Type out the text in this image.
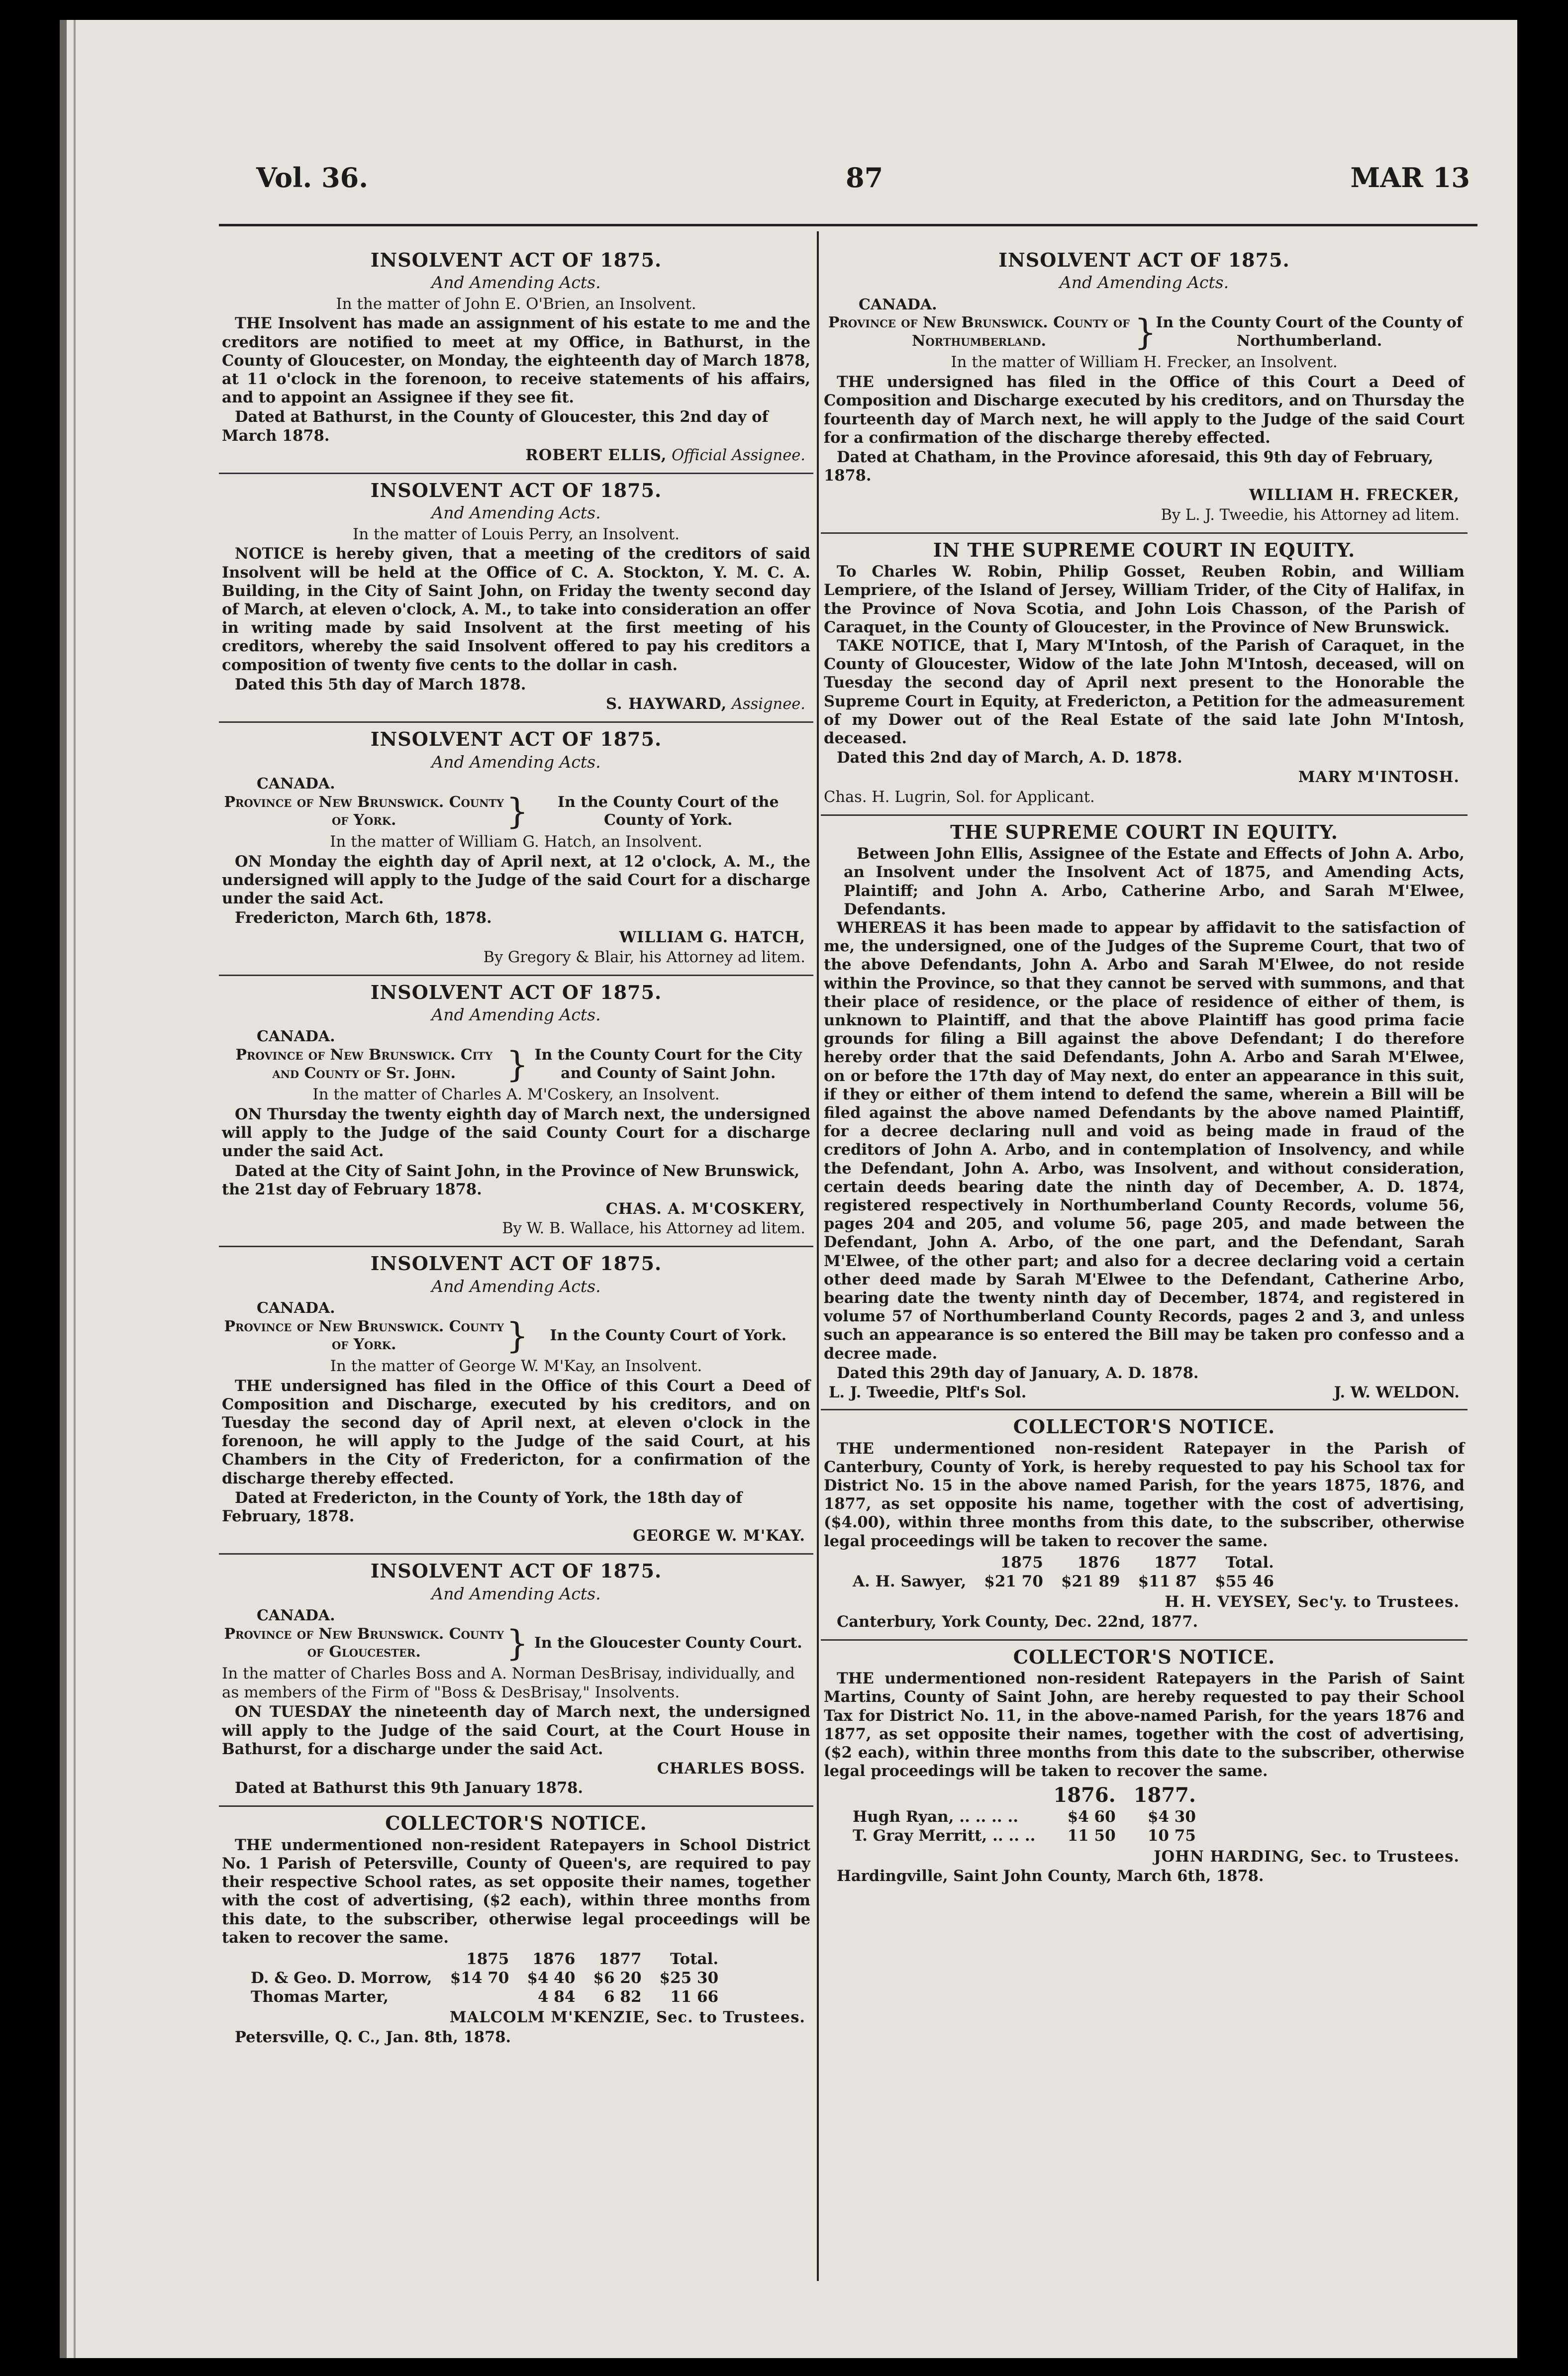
Vol. 36.	87	MAR 13
INSOLVENT ACT OF 1875.
And Amending Acts.
In the matter of John E. O'Brien, an Insolvent.

THE Insolvent has made an assignment of his estate to me and the creditors are notified to meet at my Office, in Bathurst, in the County of Gloucester, on Monday, the eighteenth day of March 1878, at 11 o'clock in the forenoon, to receive statements of his affairs, and to appoint an Assignee if they see fit.

Dated at Bathurst, in the County of Gloucester, this 2nd day of March 1878.

ROBERT ELLIS, Official Assignee.
INSOLVENT ACT OF 1875.
And Amending Acts.
In the matter of Louis Perry, an Insolvent.

NOTICE is hereby given, that a meeting of the creditors of said Insolvent will be held at the Office of C. A. Stockton, Y. M. C. A. Building, in the City of Saint John, on Friday the twenty second day of March, at eleven o'clock, A. M., to take into consideration an offer in writing made by said Insolvent at the first meeting of his creditors, whereby the said Insolvent offered to pay his creditors a composition of twenty five cents to the dollar in cash.

Dated this 5th day of March 1878.

S. HAYWARD, Assignee.
INSOLVENT ACT OF 1875.
And Amending Acts.
CANADA.
Province of New Brunswick. County of York.	}	In the County Court of the County of York.
In the matter of William G. Hatch, an Insolvent.

ON Monday the eighth day of April next, at 12 o'clock, A. M., the undersigned will apply to the Judge of the said Court for a discharge under the said Act.

Fredericton, March 6th, 1878.

WILLIAM G. HATCH,
By Gregory & Blair, his Attorney ad litem.
INSOLVENT ACT OF 1875.
And Amending Acts.
CANADA.
Province of New Brunswick. City and County of St. John.	} In the County Court for the City and County of Saint John.
In the matter of Charles A. M'Coskery, an Insolvent.

ON Thursday the twenty eighth day of March next, the undersigned will apply to the Judge of the said County Court for a discharge under the said Act.

Dated at the City of Saint John, in the Province of New Brunswick, the 21st day of February 1878.

CHAS. A. M'COSKERY,
By W. B. Wallace, his Attorney ad litem.
INSOLVENT ACT OF 1875.
And Amending Acts.
CANADA.
Province of New Brunswick. County of York.	}	In the County Court of York.
In the matter of George W. M'Kay, an Insolvent.

THE undersigned has filed in the Office of this Court a Deed of Composition and Discharge, executed by his creditors, and on Tuesday the second day of April next, at eleven o'clock in the forenoon, he will apply to the Judge of the said Court, at his Chambers in the City of Fredericton, for a confirmation of the discharge thereby effected.

Dated at Fredericton, in the County of York, the 18th day of February, 1878.

GEORGE W. M'KAY.
INSOLVENT ACT OF 1875.
And Amending Acts.
CANADA.
Province of New Brunswick. County of Gloucester.	} In the Gloucester County Court.
In the matter of Charles Boss and A. Norman DesBrisay, individually, and as members of the Firm of "Boss & DesBrisay," Insolvents.

ON TUESDAY the nineteenth day of March next, the undersigned will apply to the Judge of the said Court, at the Court House in Bathurst, for a discharge under the said Act.

CHARLES BOSS.

Dated at Bathurst this 9th January 1878.

COLLECTOR'S NOTICE.

THE undermentioned non-resident Ratepayers in School District No. 1 Parish of Petersville, County of Queen's, are required to pay their respective School rates, as set opposite their names, together with the cost of advertising, ($2 each), within three months from this date, to the subscriber, otherwise legal proceedings will be taken to recover the same.

	1875	1876	1877	Total.
D. & Geo. D. Morrow,	$14 70	$4 40	$6 20	$25 30
Thomas Marter,		4 84	6 82	11 66
MALCOLM M'KENZIE, Sec. to Trustees.

Petersville, Q. C., Jan. 8th, 1878.

INSOLVENT ACT OF 1875.
And Amending Acts.
CANADA.
Province of New Brunswick. County of Northumberland.	}
In the County Court of the County of Northumberland.
In the matter of William H. Frecker, an Insolvent.

THE undersigned has filed in the Office of this Court a Deed of Composition and Discharge executed by his creditors, and on Thursday the fourteenth day of March next, he will apply to the Judge of the said Court for a confirmation of the discharge thereby effected.

Dated at Chatham, in the Province aforesaid, this 9th day of February, 1878.

WILLIAM H. FRECKER,
By L. J. Tweedie, his Attorney ad litem.
IN THE SUPREME COURT IN EQUITY.

To Charles W. Robin, Philip Gosset, Reuben Robin, and William Lempriere, of the Island of Jersey, William Trider, of the City of Halifax, in the Province of Nova Scotia, and John Lois Chasson, of the Parish of Caraquet, in the County of Gloucester, in the Province of New Brunswick.

TAKE NOTICE, that I, Mary M'Intosh, of the Parish of Caraquet, in the County of Gloucester, Widow of the late John M'Intosh, deceased, will on Tuesday the second day of April next present to the Honorable the Supreme Court in Equity, at Fredericton, a Petition for the admeasurement of my Dower out of the Real Estate of the said late John M'Intosh, deceased.

Dated this 2nd day of March, A. D. 1878.

MARY M'INTOSH.
Chas. H. Lugrin, Sol. for Applicant.
THE SUPREME COURT IN EQUITY.

Between John Ellis, Assignee of the Estate and Effects of John A. Arbo, an Insolvent under the Insolvent Act of 1875, and Amending Acts, Plaintiff; and John A. Arbo, Catherine Arbo, and Sarah M'Elwee, Defendants.

WHEREAS it has been made to appear by affidavit to the satisfaction of me, the undersigned, one of the Judges of the Supreme Court, that two of the above Defendants, John A. Arbo and Sarah M'Elwee, do not reside within the Province, so that they cannot be served with summons, and that their place of residence, or the place of residence of either of them, is unknown to Plaintiff, and that the above Plaintiff has good prima facie grounds for filing a Bill against the above Defendant; I do therefore hereby order that the said Defendants, John A. Arbo and Sarah M'Elwee, on or before the 17th day of May next, do enter an appearance in this suit, if they or either of them intend to defend the same, wherein a Bill will be filed against the above named Defendants by the above named Plaintiff, for a decree declaring null and void as being made in fraud of the creditors of John A. Arbo, and in contemplation of Insolvency, and while the Defendant, John A. Arbo, was Insolvent, and without consideration, certain deeds bearing date the ninth day of December, A. D. 1874, registered respectively in Northumberland County Records, volume 56, pages 204 and 205, and volume 56, page 205, and made between the Defendant, John A. Arbo, of the one part, and the Defendant, Sarah M'Elwee, of the other part; and also for a decree declaring void a certain other deed made by Sarah M'Elwee to the Defendant, Catherine Arbo, bearing date the twenty ninth day of December, 1874, and registered in volume 57 of Northumberland County Records, pages 2 and 3, and unless such an appearance is so entered the Bill may be taken pro confesso and a decree made.

Dated this 29th day of January, A. D. 1878.

L. J. Tweedie, Pltf's Sol.	J. W. WELDON.
COLLECTOR'S NOTICE.

THE undermentioned non-resident Ratepayer in the Parish of Canterbury, County of York, is hereby requested to pay his School tax for District No. 15 in the above named Parish, for the years 1875, 1876, and 1877, as set opposite his name, together with the cost of advertising, ($4.00), within three months from this date, to the subscriber, otherwise legal proceedings will be taken to recover the same.

	1875	1876	1877	Total.
A. H. Sawyer,	$21 70	$21 89	$11 87	$55 46
H. H. VEYSEY, Sec'y. to Trustees.

Canterbury, York County, Dec. 22nd, 1877.

COLLECTOR'S NOTICE.

THE undermentioned non-resident Ratepayers in the Parish of Saint Martins, County of Saint John, are hereby requested to pay their School Tax for District No. 11, in the above-named Parish, for the years 1876 and 1877, as set opposite their names, together with the cost of advertising, ($2 each), within three months from this date to the subscriber, otherwise legal proceedings will be taken to recover the same.

	1876.	1877.
Hugh Ryan, .. .. .. ..	$4 60	$4 30
T. Gray Merritt, .. .. ..	11 50	10 75
JOHN HARDING, Sec. to Trustees.

Hardingville, Saint John County, March 6th, 1878.
